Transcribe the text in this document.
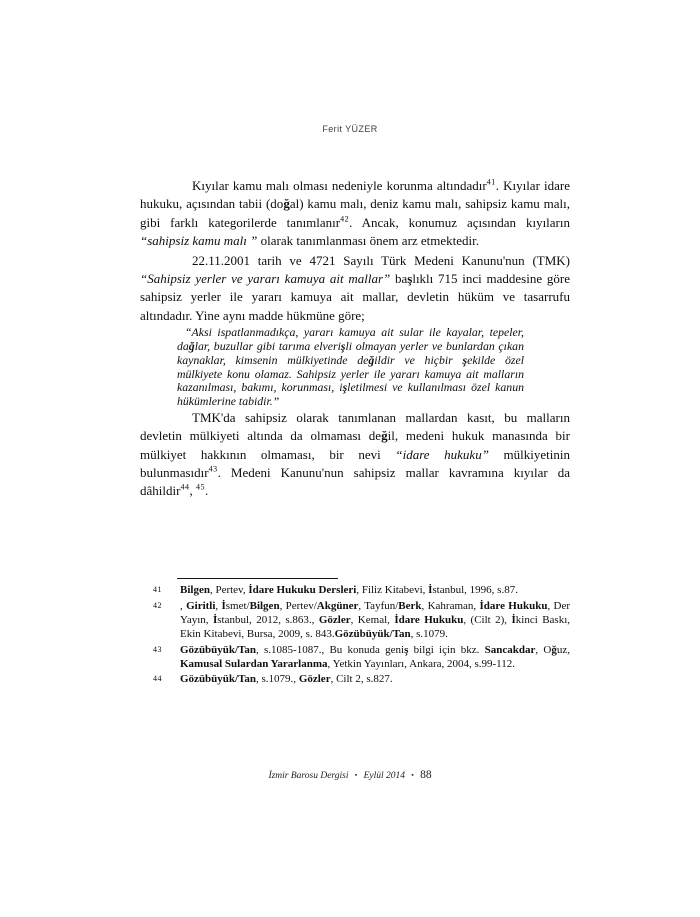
Ferit YÜZER

Kıyılar kamu malı olması nedeniyle korunma altındadır$^{41}$. Kıyılar idare hukuku, açısından tabii (doğal) kamu malı, deniz kamu malı, sahipsiz kamu malı, gibi farklı kategorilerde tanımlanır$^{42}$. Ancak, konumuz açısından kıyıların “sahipsiz kamu malı ” olarak tanımlanması önem arz etmektedir.

22.11.2001 tarih ve 4721 Sayılı Türk Medeni Kanunu'nun (TMK) “Sahipsiz yerler ve yararı kamuya ait mallar” başlıklı 715 inci maddesine göre sahipsiz yerler ile yararı kamuya ait mallar, devletin hüküm ve tasarrufu altındadır. Yine aynı madde hükmüne göre;

“Aksi ispatlanmadıkça, yararı kamuya ait sular ile kayalar, tepeler, dağlar, buzullar gibi tarıma elverişli olmayan yerler ve bunlardan çıkan kaynaklar, kimsenin mülkiyetinde değildir ve hiçbir şekilde özel mülkiyete konu olamaz. Sahipsiz yerler ile yararı kamuya ait malların kazanılması, bakımı, korunması, işletilmesi ve kullanılması özel kanun hükümlerine tabidir.”

TMK'da sahipsiz olarak tanımlanan mallardan kasıt, bu malların devletin mülkiyeti altında da olmaması değil, medeni hukuk manasında bir mülkiyet hakkının olmaması, bir nevi “idare hukuku” mülkiyetinin bulunmasıdır$^{43}$. Medeni Kanunu'nun sahipsiz mallar kavramına kıyılar da dâhildir$^{44}$, $^{45}$.

41 Bilgen, Pertev, İdare Hukuku Dersleri, Filiz Kitabevi, İstanbul, 1996, s.87.
42 , Giritli, İsmet/Bilgen, Pertev/Akgüner, Tayfun/Berk, Kahraman, İdare Hukuku, Der Yayın, İstanbul, 2012, s.863., Gözler, Kemal, İdare Hukuku, (Cilt 2), İkinci Baskı, Ekin Kitabevi, Bursa, 2009, s. 843.Gözübüyük/Tan, s.1079.
43 Gözübüyük/Tan, s.1085-1087., Bu konuda geniş bilgi için bkz. Sancakdar, Oğuz, Kamusal Sulardan Yararlanma, Yetkin Yayınları, Ankara, 2004, s.99-112.
44 Gözübüyük/Tan, s.1079., Gözler, Cilt 2, s.827.
İzmir Barosu Dergisi ▪ Eylül 2014 ▪ 88
